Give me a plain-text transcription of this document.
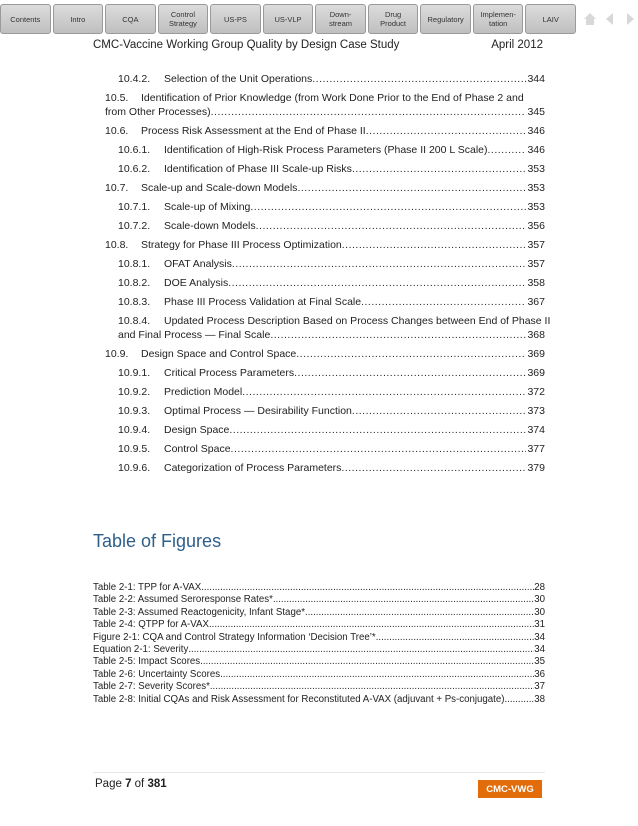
Contents	Intro	CQA	Control
Strategy	US-PS	US-VLP	Down-
stream
Drug
Product	Regulatory	Implemen-
tation	LAIV
CMC-Vaccine Working Group Quality by Design Case Study	April 2012
10.4.2.	Selection of the Unit Operations .....	344
10.5.	Identification of Prior Knowledge (from Work Done Prior to the End of Phase 2 and
from Other Processes) .....	345
10.6.	Process Risk Assessment at the End of Phase II .....	346
10.6.1.	Identification of High-Risk Process Parameters (Phase II 200 L Scale) .....	346
10.6.2.	Identification of Phase III Scale-up Risks .....	353
10.7.	Scale-up and Scale-down Models .....	353
10.7.1.	Scale-up of Mixing .....	353
10.7.2.	Scale-down Models .....	356
10.8.	Strategy for Phase III Process Optimization .....	357
10.8.1.	OFAT Analysis .....	357
10.8.2.	DOE Analysis .....	358
10.8.3.	Phase III Process Validation at Final Scale .....	367
10.8.4.	Updated Process Description Based on Process Changes between End of Phase II
and Final Process — Final Scale .....	368
10.9.	Design Space and Control Space .....	369
10.9.1.	Critical Process Parameters .....	369
10.9.2.	Prediction Model .....	372
10.9.3.	Optimal Process — Desirability Function .....	373
10.9.4.	Design Space .....	374
10.9.5.	Control Space .....	377
10.9.6.	Categorization of Process Parameters .....	379
Table of Figures
Table 2-1: TPP for A-VAX .....	28
Table 2-2: Assumed Seroresponse Rates* .....	30
Table 2-3: Assumed Reactogenicity, Infant Stage* .....	30
Table 2-4: QTPP for A-VAX .....	31
Figure 2-1: CQA and Control Strategy Information ‘Decision Tree’* .....	34
Equation 2-1: Severity .....	34
Table 2-5: Impact Scores .....	35
Table 2-6: Uncertainty Scores .....	36
Table 2-7: Severity Scores* .....	37
Table 2-8: Initial CQAs and Risk Assessment for Reconstituted A-VAX (adjuvant + Ps-conjugate) .....	38
Page 7 of 381	CMC-VWG
